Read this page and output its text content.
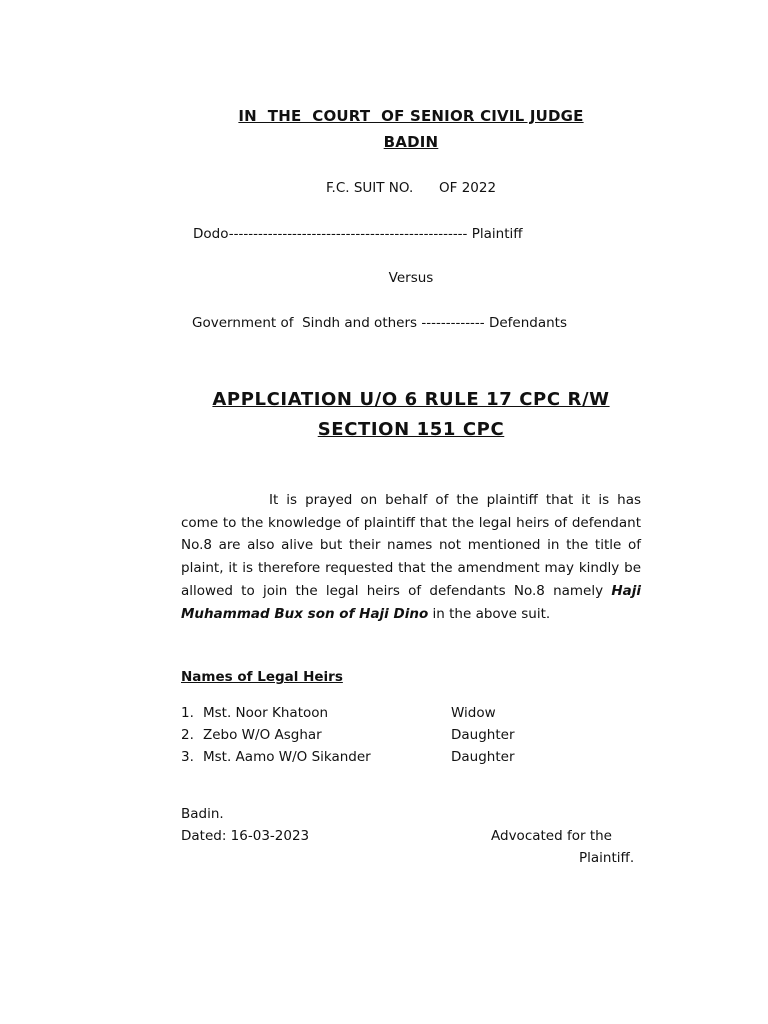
IN  THE  COURT  OF SENIOR CIVIL JUDGE
BADIN
F.C. SUIT NO.      OF 2022
Dodo------------------------------------------------- Plaintiff
Versus
Government of  Sindh and others ------------- Defendants
APPLCIATION U/O 6 RULE 17 CPC R/W
SECTION 151 CPC
It is prayed on behalf of the plaintiff that it is has come to the knowledge of plaintiff that the legal heirs of defendant No.8 are also alive but their names not mentioned in the title of plaint, it is therefore requested that the amendment may kindly be allowed to join the legal heirs of defendants No.8 namely Haji Muhammad Bux son of Haji Dino in the above suit.
Names of Legal Heirs
1. Mst. Noor Khatoon	Widow
2. Zebo W/O Asghar	Daughter
3. Mst. Aamo W/O Sikander	Daughter
Badin.
Dated: 16-03-2023	Advocated for the
Plaintiff.
